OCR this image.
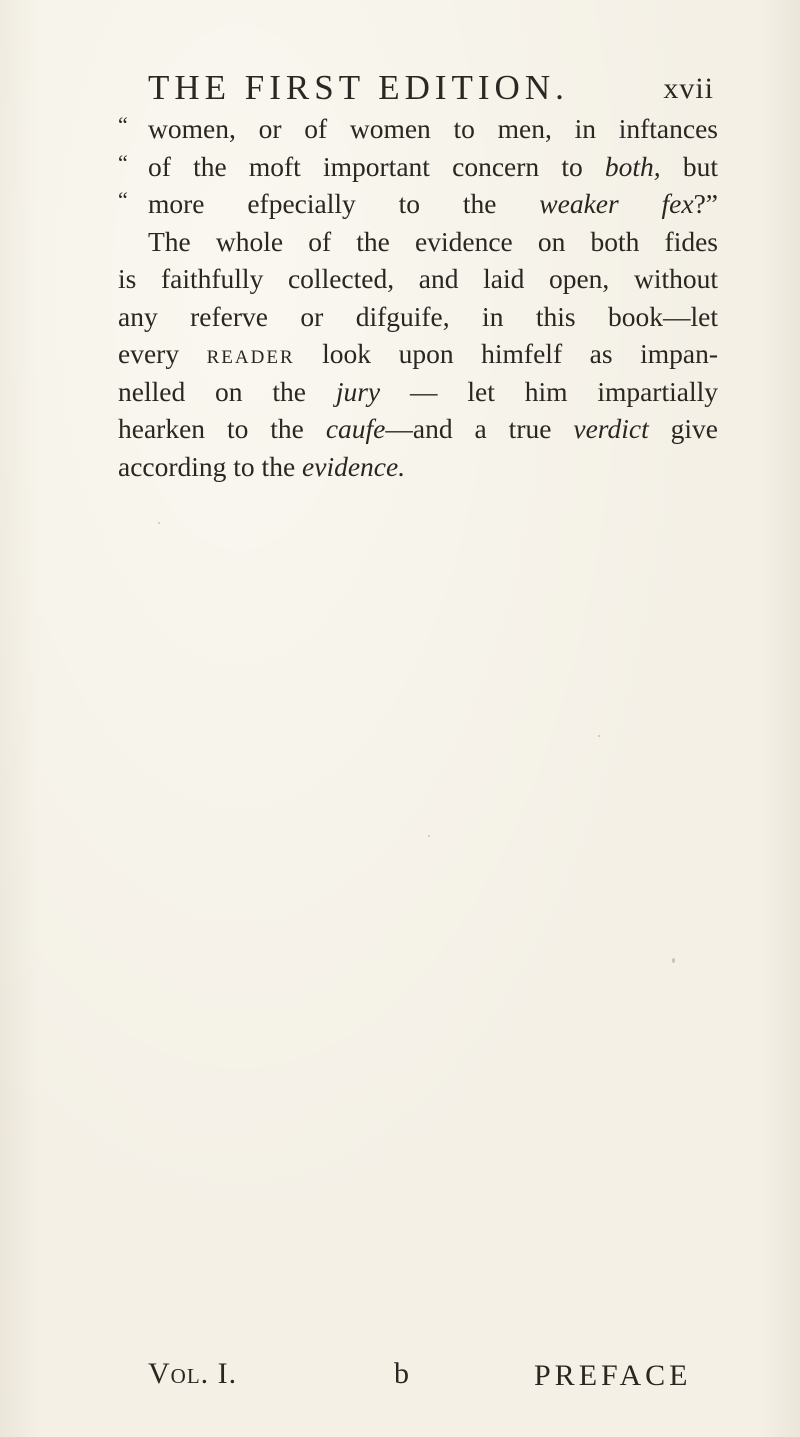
THE FIRST EDITION.	xvii
“ women, or of women to men, in inftances
“ of the moft important concern to both, but
“ more efpecially to the weaker fex?”
The whole of the evidence on both fides
is faithfully collected, and laid open, without
any referve or difguife, in this book—let
every reader look upon himfelf as impan-
nelled on the jury — let him impartially
hearken to the caufe—and a true verdict give
according to the evidence.
Vol. I.	b	PREFACE
